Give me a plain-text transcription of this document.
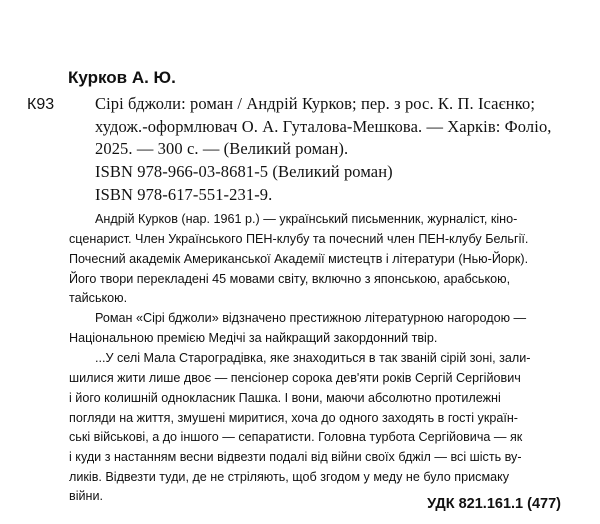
Курков А. Ю.
К93 Сірі бджоли: роман / Андрій Курков; пер. з рос. К. П. Ісаєнко;
худож.-оформлювач О. А. Гуталова-Мешкова. — Харків: Фоліо,
2025. — 300 с. — (Великий роман).
ISBN 978-966-03-8681-5 (Великий роман)
ISBN 978-617-551-231-9.
Андрій Курков (нар. 1961 р.) — український письменник, журналіст, кіно-
сценарист. Член Українського ПЕН-клубу та почесний член ПЕН-клубу Бельгії.
Почесний академік Американської Академії мистецтв і літератури (Нью-Йорк).
Його твори перекладені 45 мовами світу, включно з японською, арабською,
тайською.
Роман «Сірі бджоли» відзначено престижною літературною нагородою —
Національною премією Медічі за найкращий закордонний твір.
...У селі Мала Староградівка, яке знаходиться в так званій сірій зоні, зали-
шилися жити лише двоє — пенсіонер сорока дев'яти років Сергій Сергійович
і його колишній однокласник Пашка. І вони, маючи абсолютно протилежні
погляди на життя, змушені миритися, хоча до одного заходять в гості україн-
ські військові, а до іншого — сепаратисти. Головна турбота Сергійовича — як
і куди з настанням весни відвезти подалі від війни своїх бджіл — всі шість ву-
ликів. Відвезти туди, де не стріляють, щоб згодом у меду не було присмаку
війни.	УДК 821.161.1 (477)
